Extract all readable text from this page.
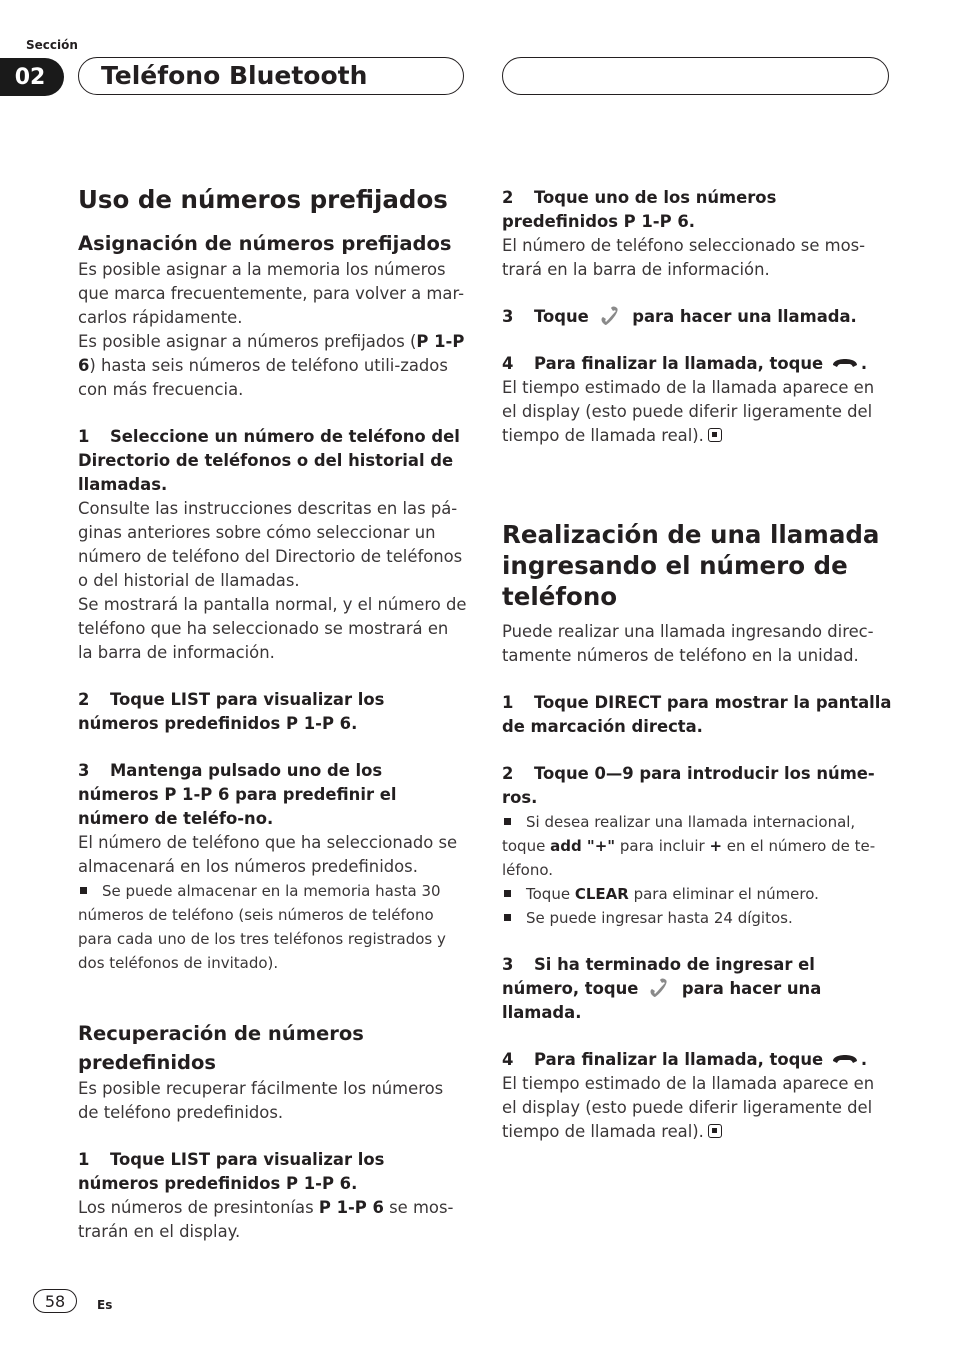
Sección
02	Teléfono Bluetooth
Uso de números prefijados
Asignación de números prefijados

Es posible asignar a la memoria los números que marca frecuentemente, para volver a mar-carlos rápidamente.

Es posible asignar a números prefijados (P 1-P 6) hasta seis números de teléfono utili-zados con más frecuencia.

1 Seleccione un número de teléfono del Directorio de teléfonos o del historial de llamadas.

Consulte las instrucciones descritas en las pá-ginas anteriores sobre cómo seleccionar un número de teléfono del Directorio de teléfonos o del historial de llamadas.

Se mostrará la pantalla normal, y el número de teléfono que ha seleccionado se mostrará en la barra de información.

2 Toque LIST para visualizar los números predefinidos P 1-P 6.

3 Mantenga pulsado uno de los números P 1-P 6 para predefinir el número de teléfo-no.

El número de teléfono que ha seleccionado se almacenará en los números predefinidos.

Se puede almacenar en la memoria hasta 30 números de teléfono (seis números de teléfono para cada uno de los tres teléfonos registrados y dos teléfonos de invitado).

Recuperación de números predefinidos

Es posible recuperar fácilmente los números de teléfono predefinidos.

1 Toque LIST para visualizar los números predefinidos P 1-P 6.

Los números de presintonías P 1-P 6 se mos-trarán en el display.

2 Toque uno de los números predefinidos P 1-P 6.

El número de teléfono seleccionado se mos-trará en la barra de información.

3 Toque	para hacer una llamada.

4 Para finalizar la llamada, toque .

El tiempo estimado de la llamada aparece en el display (esto puede diferir ligeramente del tiempo de llamada real).

Realización de una llamada ingresando el número de teléfono

Puede realizar una llamada ingresando direc-tamente números de teléfono en la unidad.

1 Toque DIRECT para mostrar la pantalla de marcación directa.

2 Toque 0—9 para introducir los núme-ros.

Si desea realizar una llamada internacional, toque add "+" para incluir + en el número de te-léfono.

Toque CLEAR para eliminar el número.

Se puede ingresar hasta 24 dígitos.

3 Si ha terminado de ingresar el número, toque	para hacer una llamada.

4 Para finalizar la llamada, toque .

El tiempo estimado de la llamada aparece en el display (esto puede diferir ligeramente del tiempo de llamada real).

58	Es
